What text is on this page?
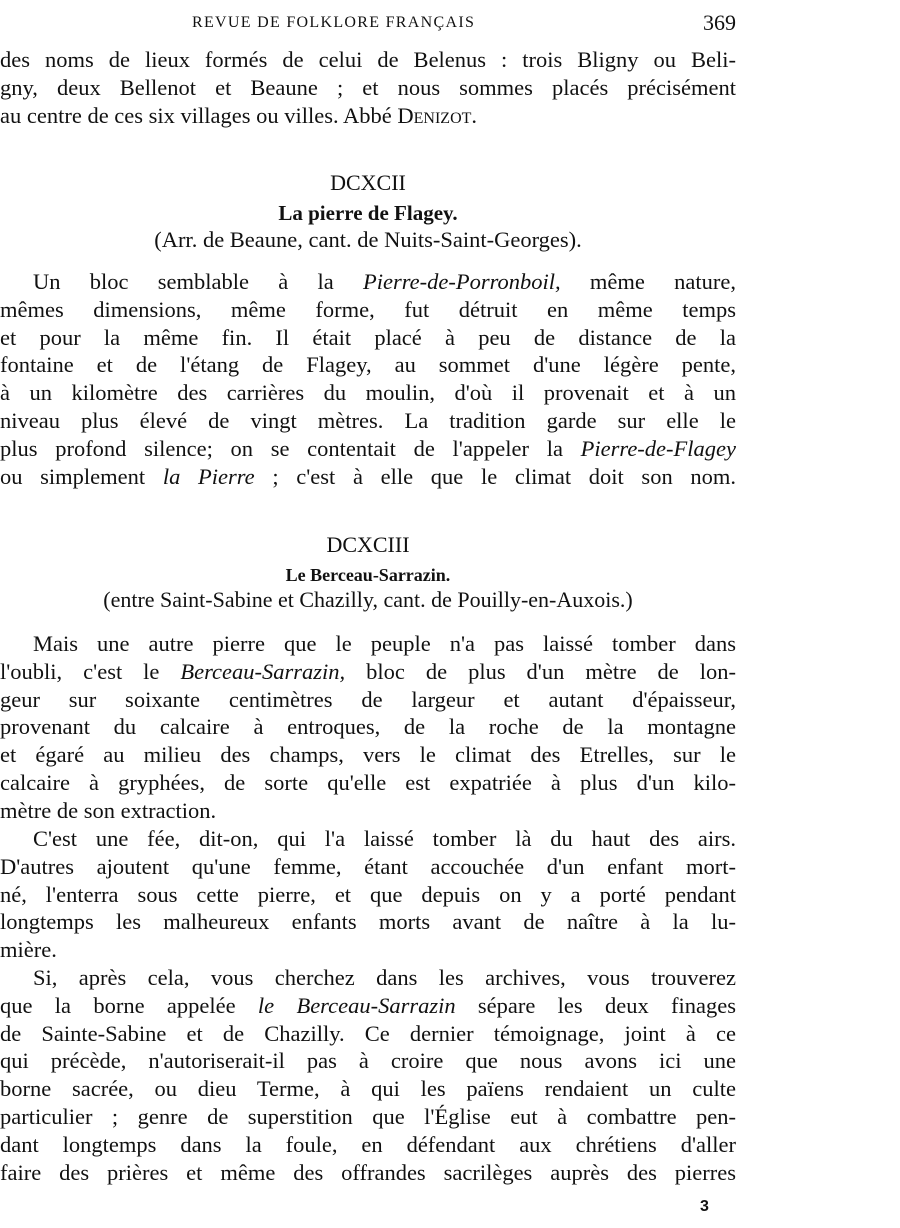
REVUE DE FOLKLORE FRANÇAIS	369
des noms de lieux formés de celui de Belenus : trois Bligny ou Beli-
gny, deux Bellenot et Beaune ; et nous sommes placés précisément
au centre de ces six villages ou villes. Abbé Denizot.
DCXCII
La pierre de Flagey.
(Arr. de Beaune, cant. de Nuits-Saint-Georges).
Un bloc semblable à la Pierre-de-Porronboil, même nature,
mêmes dimensions, même forme, fut détruit en même temps
et pour la même fin. Il était placé à peu de distance de la
fontaine et de l'étang de Flagey, au sommet d'une légère pente,
à un kilomètre des carrières du moulin, d'où il provenait et à un
niveau plus élevé de vingt mètres. La tradition garde sur elle le
plus profond silence; on se contentait de l'appeler la Pierre-de-Flagey
ou simplement la Pierre ; c'est à elle que le climat doit son nom.
DCXCIII
Le Berceau-Sarrazin.
(entre Saint-Sabine et Chazilly, cant. de Pouilly-en-Auxois.)
Mais une autre pierre que le peuple n'a pas laissé tomber dans
l'oubli, c'est le Berceau-Sarrazin, bloc de plus d'un mètre de lon-
geur sur soixante centimètres de largeur et autant d'épaisseur,
provenant du calcaire à entroques, de la roche de la montagne
et égaré au milieu des champs, vers le climat des Etrelles, sur le
calcaire à gryphées, de sorte qu'elle est expatriée à plus d'un kilo-
mètre de son extraction.
C'est une fée, dit-on, qui l'a laissé tomber là du haut des airs.
D'autres ajoutent qu'une femme, étant accouchée d'un enfant mort-
né, l'enterra sous cette pierre, et que depuis on y a porté pendant
longtemps les malheureux enfants morts avant de naître à la lu-
mière.
Si, après cela, vous cherchez dans les archives, vous trouverez
que la borne appelée le Berceau-Sarrazin sépare les deux finages
de Sainte-Sabine et de Chazilly. Ce dernier témoignage, joint à ce
qui précède, n'autoriserait-il pas à croire que nous avons ici une
borne sacrée, ou dieu Terme, à qui les païens rendaient un culte
particulier ; genre de superstition que l'Église eut à combattre pen-
dant longtemps dans la foule, en défendant aux chrétiens d'aller
faire des prières et même des offrandes sacrilèges auprès des pierres
3
